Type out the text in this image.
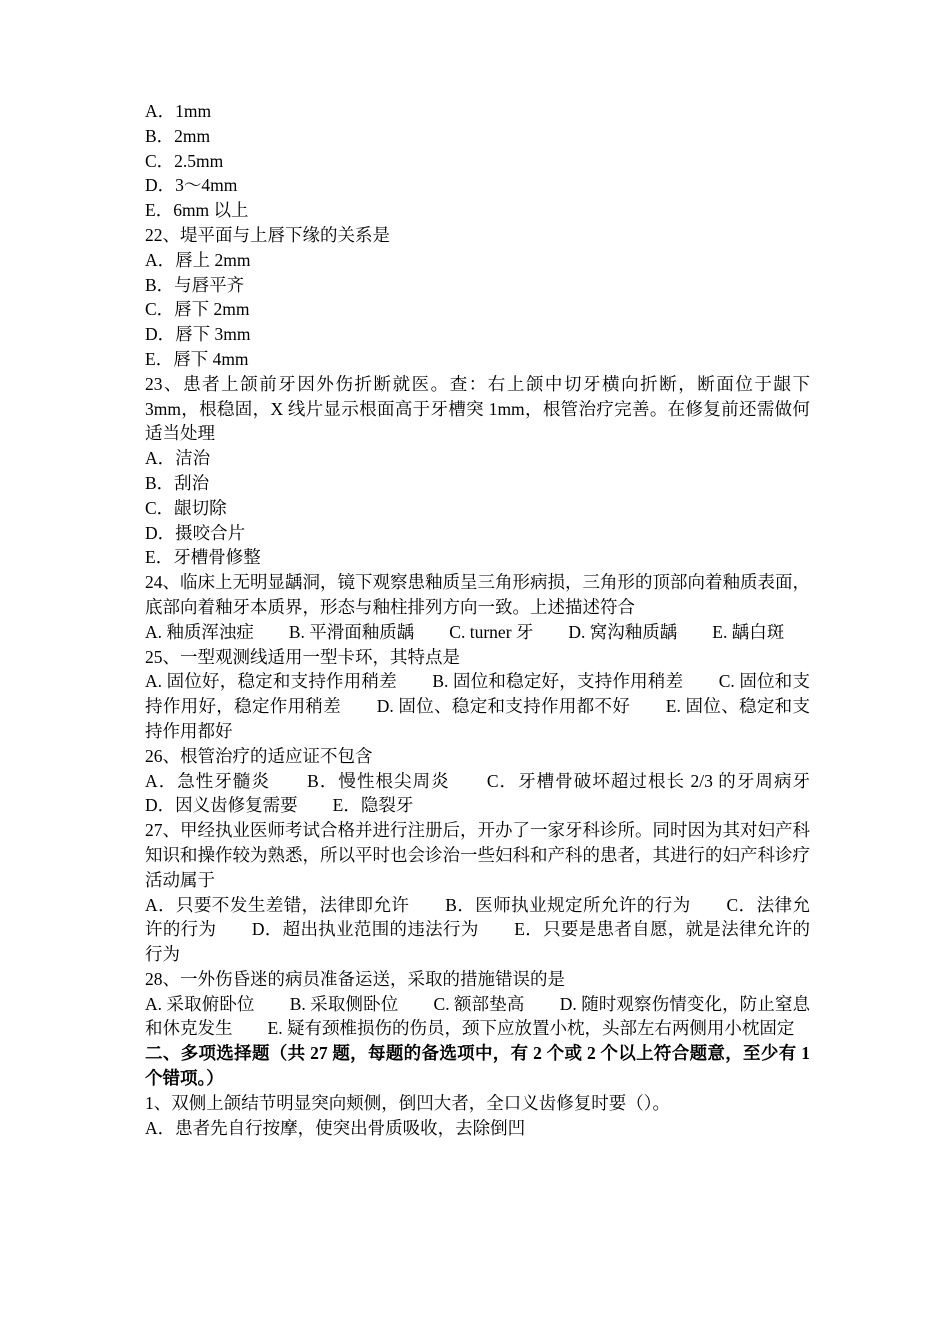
A．1mm
B．2mm
C．2.5mm
D．3～4mm
E．6mm 以上
22、堤平面与上唇下缘的关系是
A．唇上 2mm
B．与唇平齐
C．唇下 2mm
D．唇下 3mm
E．唇下 4mm
23、患者上颌前牙因外伤折断就医。查：右上颌中切牙横向折断，断面位于龈下 3mm，根稳固，X 线片显示根面高于牙槽突 1mm，根管治疗完善。在修复前还需做何适当处理
A．洁治
B．刮治
C．龈切除
D．摄咬合片
E．牙槽骨修整
24、临床上无明显龋洞，镜下观察患釉质呈三角形病损，三角形的顶部向着釉质表面，底部向着釉牙本质界，形态与釉柱排列方向一致。上述描述符合
A. 釉质浑浊症　　B. 平滑面釉质龋　　C. turner 牙　　D. 窝沟釉质龋　　E. 龋白斑
25、一型观测线适用一型卡环，其特点是
A. 固位好，稳定和支持作用稍差　　B. 固位和稳定好，支持作用稍差　　C. 固位和支持作用好，稳定作用稍差　　D. 固位、稳定和支持作用都不好　　E. 固位、稳定和支持作用都好
26、根管治疗的适应证不包含
A．急性牙髓炎　　B．慢性根尖周炎　　C．牙槽骨破坏超过根长 2/3 的牙周病牙　　D．因义齿修复需要　　E．隐裂牙
27、甲经执业医师考试合格并进行注册后，开办了一家牙科诊所。同时因为其对妇产科知识和操作较为熟悉，所以平时也会诊治一些妇科和产科的患者，其进行的妇产科诊疗活动属于
A．只要不发生差错，法律即允许　　B．医师执业规定所允许的行为　　C．法律允许的行为　　D．超出执业范围的违法行为　　E．只要是患者自愿，就是法律允许的行为
28、一外伤昏迷的病员准备运送，采取的措施错误的是
A. 采取俯卧位　　B. 采取侧卧位　　C. 额部垫高　　D. 随时观察伤情变化，防止窒息和休克发生　　E. 疑有颈椎损伤的伤员，颈下应放置小枕，头部左右两侧用小枕固定
二、多项选择题（共 27 题，每题的备选项中，有 2 个或 2 个以上符合题意，至少有 1 个错项。）
1、双侧上颌结节明显突向颊侧，倒凹大者，全口义齿修复时要（）。
A．患者先自行按摩，使突出骨质吸收，去除倒凹
